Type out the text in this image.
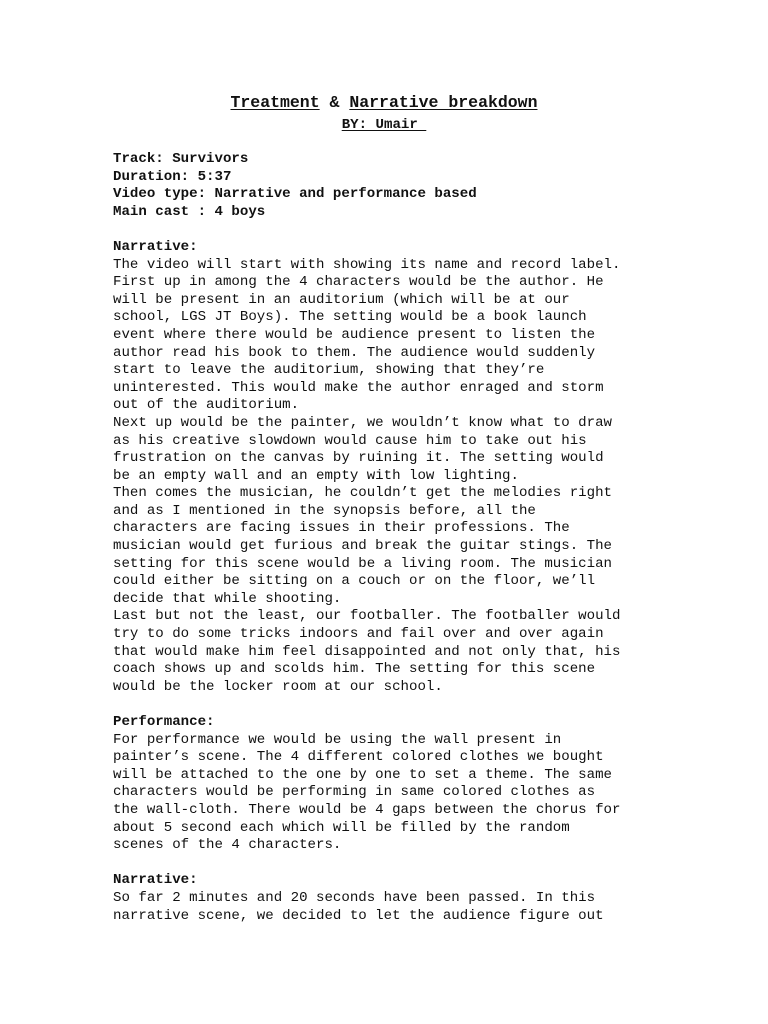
Treatment & Narrative breakdown
BY: Umair
Track: Survivors
Duration: 5:37
Video type: Narrative and performance based
Main cast : 4 boys
Narrative:
The video will start with showing its name and record label.
First up in among the 4 characters would be the author. He
will be present in an auditorium (which will be at our
school, LGS JT Boys). The setting would be a book launch
event where there would be audience present to listen the
author read his book to them. The audience would suddenly
start to leave the auditorium, showing that they’re
uninterested. This would make the author enraged and storm
out of the auditorium.
Next up would be the painter, we wouldn’t know what to draw
as his creative slowdown would cause him to take out his
frustration on the canvas by ruining it. The setting would
be an empty wall and an empty with low lighting.
Then comes the musician, he couldn’t get the melodies right
and as I mentioned in the synopsis before, all the
characters are facing issues in their professions. The
musician would get furious and break the guitar stings. The
setting for this scene would be a living room. The musician
could either be sitting on a couch or on the floor, we’ll
decide that while shooting.
Last but not the least, our footballer. The footballer would
try to do some tricks indoors and fail over and over again
that would make him feel disappointed and not only that, his
coach shows up and scolds him. The setting for this scene
would be the locker room at our school.
Performance:
For performance we would be using the wall present in
painter’s scene. The 4 different colored clothes we bought
will be attached to the one by one to set a theme. The same
characters would be performing in same colored clothes as
the wall-cloth. There would be 4 gaps between the chorus for
about 5 second each which will be filled by the random
scenes of the 4 characters.
Narrative:
So far 2 minutes and 20 seconds have been passed. In this
narrative scene, we decided to let the audience figure out
